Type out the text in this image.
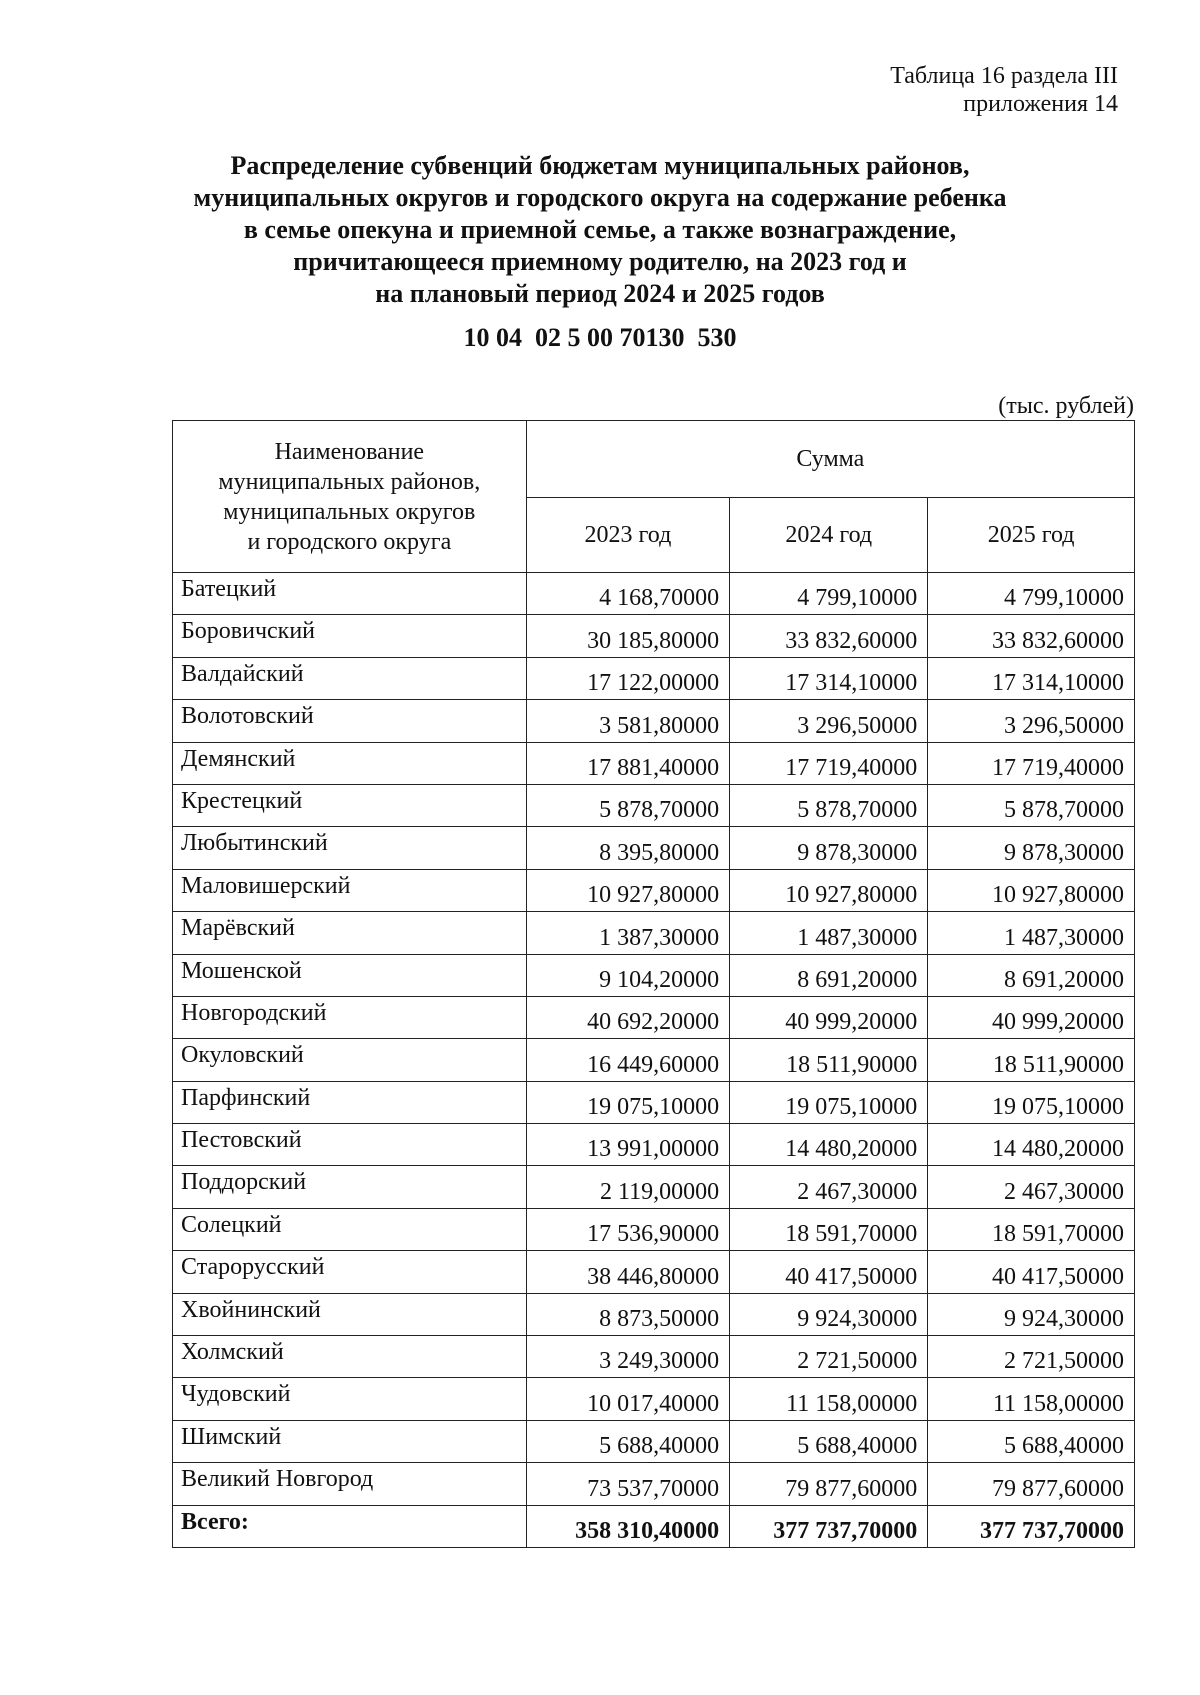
Таблица 16 раздела III
приложения 14
Распределение субвенций бюджетам муниципальных районов,
муниципальных округов и городского округа на содержание ребенка
в семье опекуна и приемной семье, а также вознаграждение,
причитающееся приемному родителю, на 2023 год и
на плановый период 2024 и 2025 годов
10 04  02 5 00 70130  530
(тыс. рублей)
Наименование
муниципальных районов,
муниципальных округов
и городского округа	Сумма		
	2023 год	2024 год	2025 год
Батецкий	4 168,70000	4 799,10000	4 799,10000
Боровичский	30 185,80000	33 832,60000	33 832,60000
Валдайский	17 122,00000	17 314,10000	17 314,10000
Волотовский	3 581,80000	3 296,50000	3 296,50000
Демянский	17 881,40000	17 719,40000	17 719,40000
Крестецкий	5 878,70000	5 878,70000	5 878,70000
Любытинский	8 395,80000	9 878,30000	9 878,30000
Маловишерский	10 927,80000	10 927,80000	10 927,80000
Марёвский	1 387,30000	1 487,30000	1 487,30000
Мошенской	9 104,20000	8 691,20000	8 691,20000
Новгородский	40 692,20000	40 999,20000	40 999,20000
Окуловский	16 449,60000	18 511,90000	18 511,90000
Парфинский	19 075,10000	19 075,10000	19 075,10000
Пестовский	13 991,00000	14 480,20000	14 480,20000
Поддорский	2 119,00000	2 467,30000	2 467,30000
Солецкий	17 536,90000	18 591,70000	18 591,70000
Старорусский	38 446,80000	40 417,50000	40 417,50000
Хвойнинский	8 873,50000	9 924,30000	9 924,30000
Холмский	3 249,30000	2 721,50000	2 721,50000
Чудовский	10 017,40000	11 158,00000	11 158,00000
Шимский	5 688,40000	5 688,40000	5 688,40000
Великий Новгород	73 537,70000	79 877,60000	79 877,60000
Всего:	358 310,40000	377 737,70000	377 737,70000
